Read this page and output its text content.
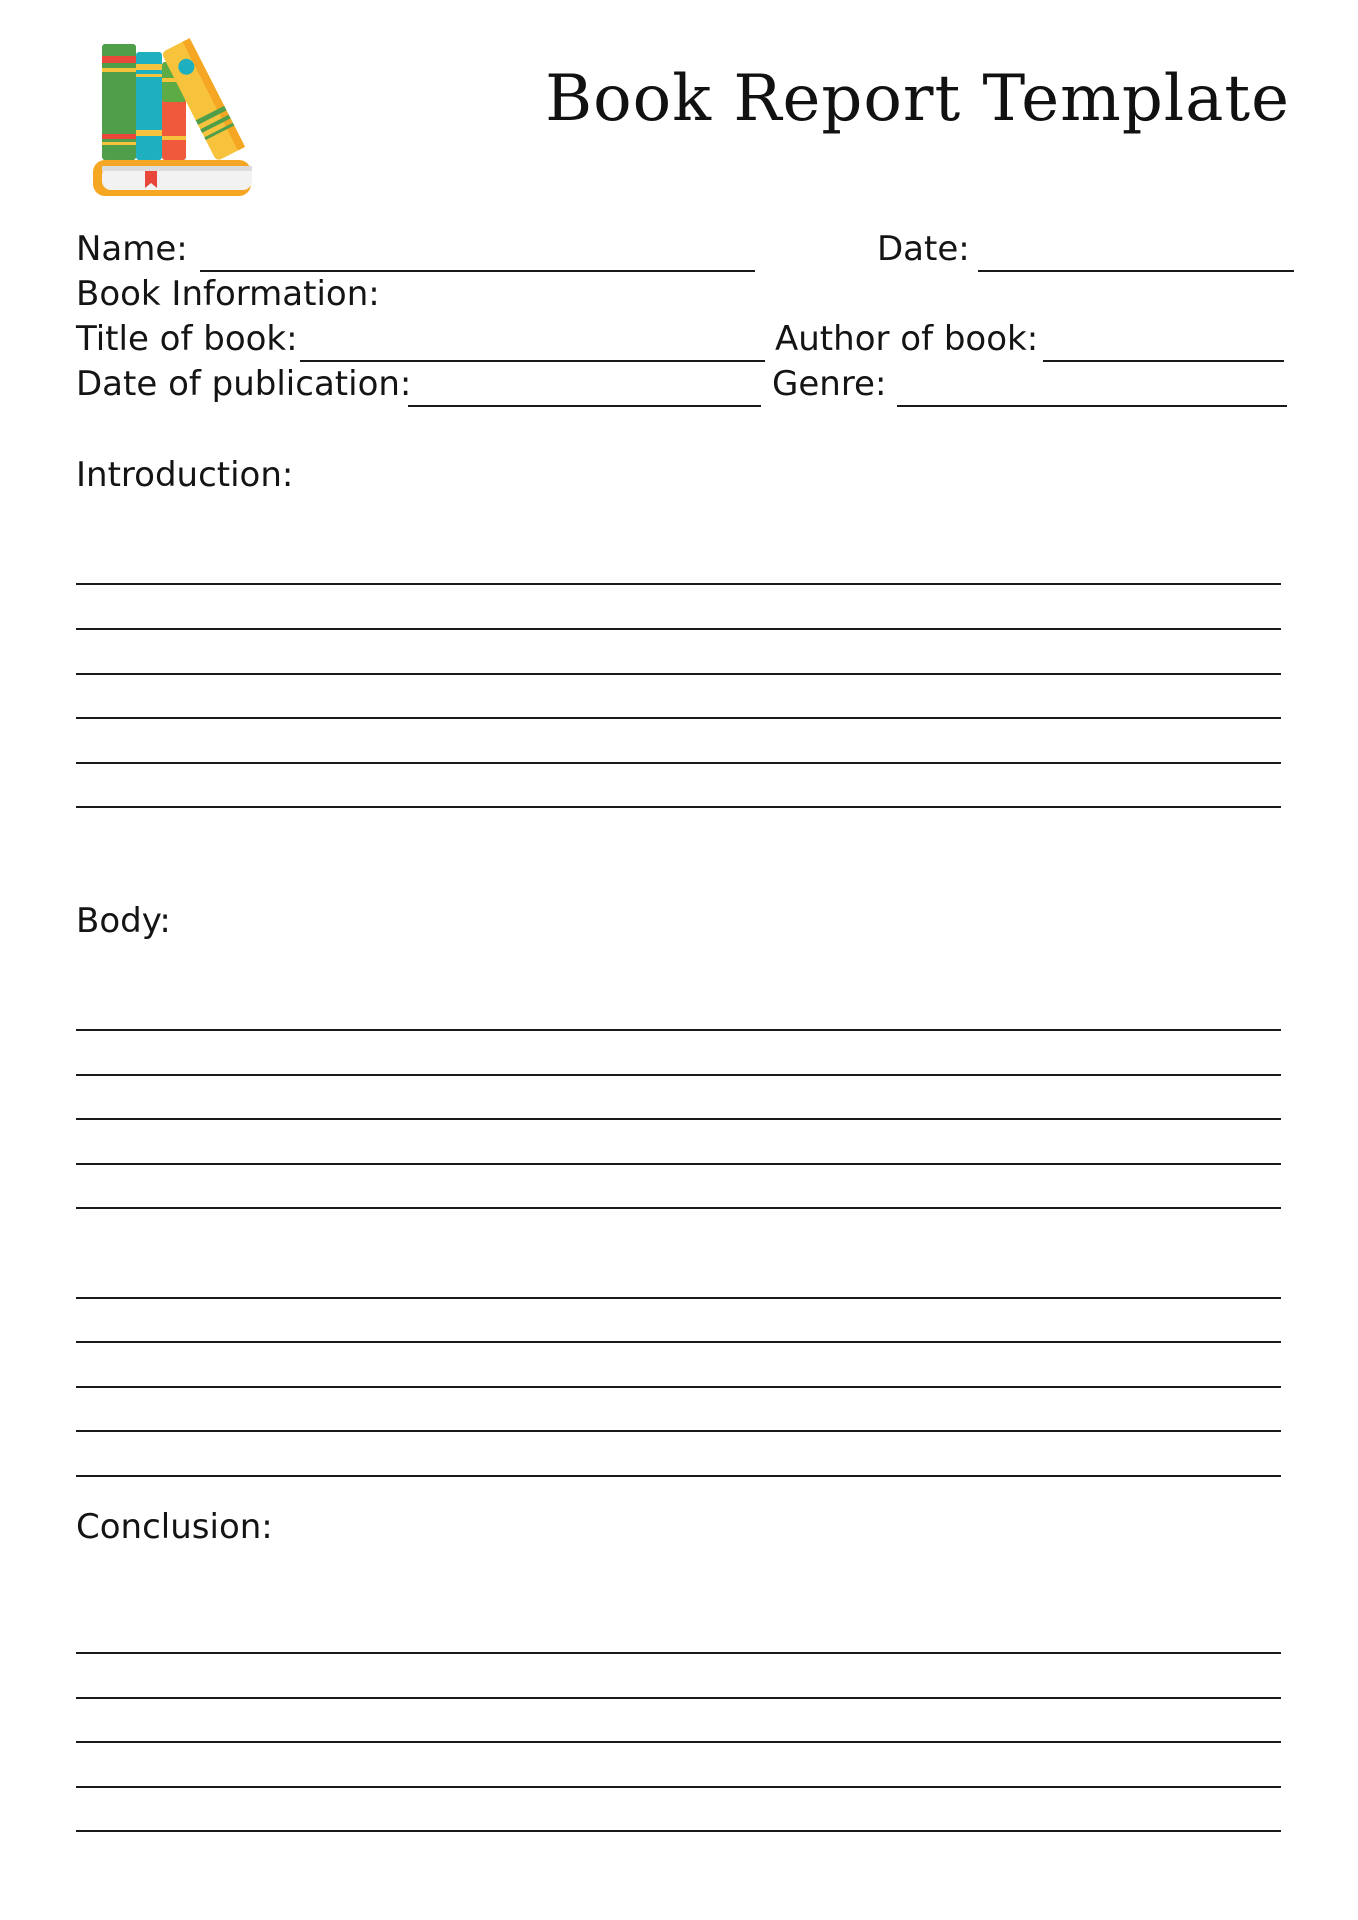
Book Report Template
Name:	Date:
Book Information:
Title of book:	Author of book:
Date of publication:	Genre:
Introduction:
Body:
Conclusion:
